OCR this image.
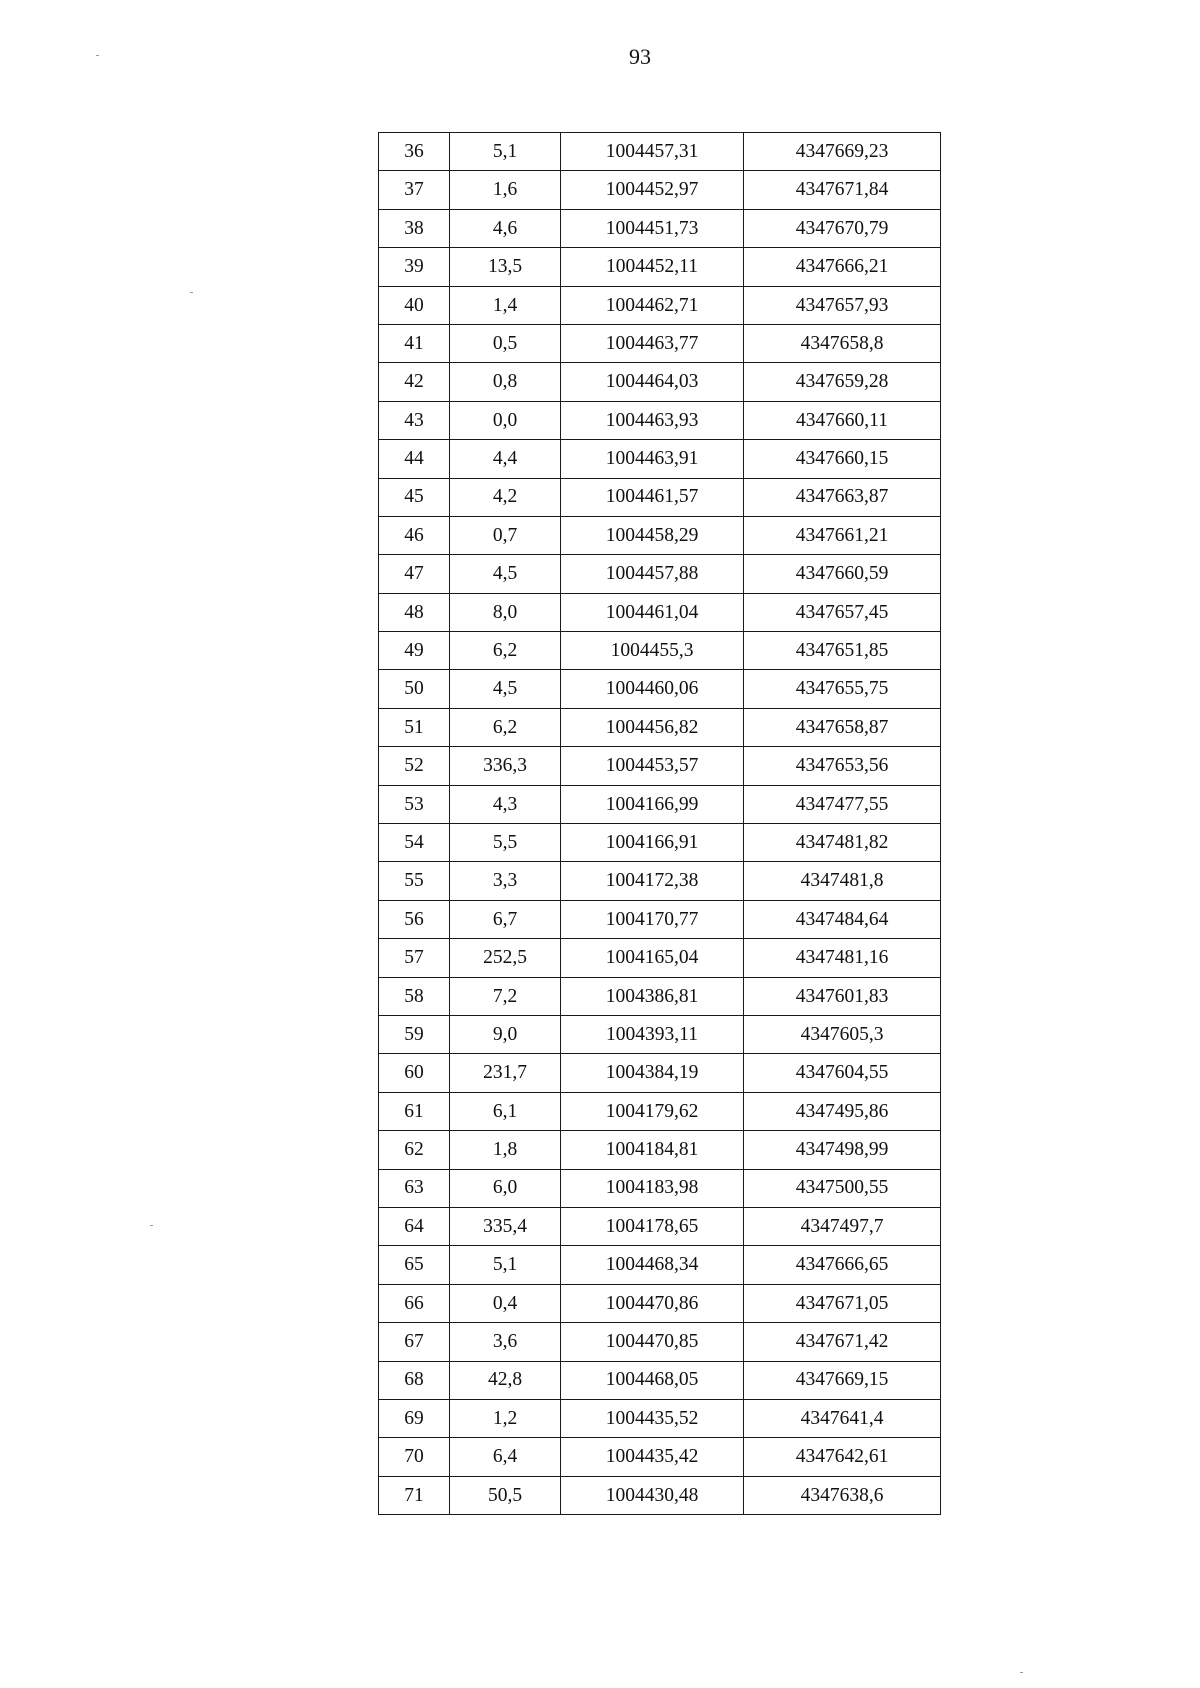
93
36	5,1	1004457,31	4347669,23
37	1,6	1004452,97	4347671,84
38	4,6	1004451,73	4347670,79
39	13,5	1004452,11	4347666,21
40	1,4	1004462,71	4347657,93
41	0,5	1004463,77	4347658,8
42	0,8	1004464,03	4347659,28
43	0,0	1004463,93	4347660,11
44	4,4	1004463,91	4347660,15
45	4,2	1004461,57	4347663,87
46	0,7	1004458,29	4347661,21
47	4,5	1004457,88	4347660,59
48	8,0	1004461,04	4347657,45
49	6,2	1004455,3	4347651,85
50	4,5	1004460,06	4347655,75
51	6,2	1004456,82	4347658,87
52	336,3	1004453,57	4347653,56
53	4,3	1004166,99	4347477,55
54	5,5	1004166,91	4347481,82
55	3,3	1004172,38	4347481,8
56	6,7	1004170,77	4347484,64
57	252,5	1004165,04	4347481,16
58	7,2	1004386,81	4347601,83
59	9,0	1004393,11	4347605,3
60	231,7	1004384,19	4347604,55
61	6,1	1004179,62	4347495,86
62	1,8	1004184,81	4347498,99
63	6,0	1004183,98	4347500,55
64	335,4	1004178,65	4347497,7
65	5,1	1004468,34	4347666,65
66	0,4	1004470,86	4347671,05
67	3,6	1004470,85	4347671,42
68	42,8	1004468,05	4347669,15
69	1,2	1004435,52	4347641,4
70	6,4	1004435,42	4347642,61
71	50,5	1004430,48	4347638,6
